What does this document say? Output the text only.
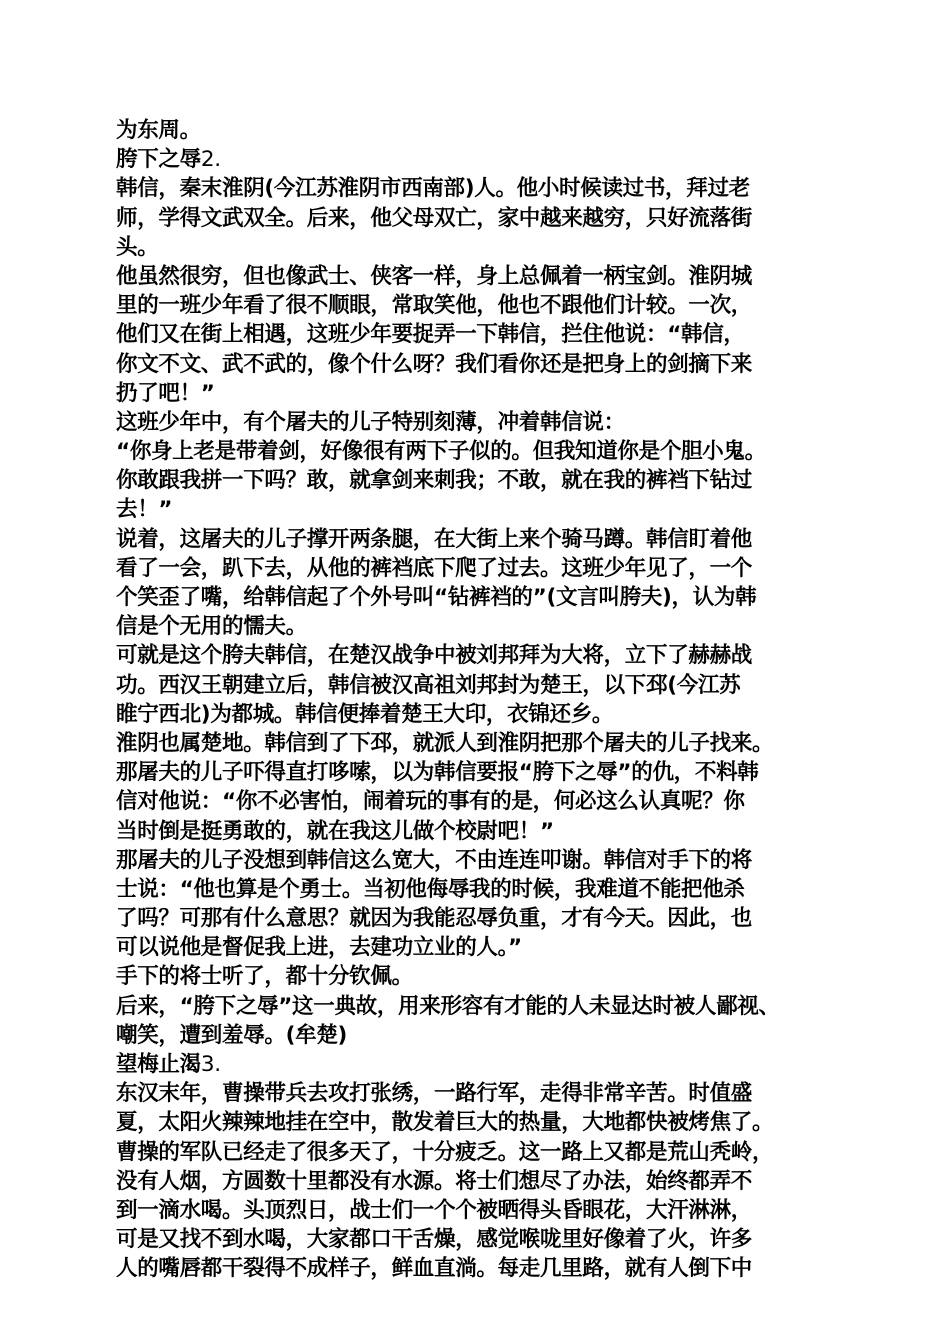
为东周。
胯下之辱2.
韩信，秦末淮阴(今江苏淮阴市西南部)人。他小时候读过书，拜过老
师，学得文武双全。后来，他父母双亡，家中越来越穷，只好流落街
头。
他虽然很穷，但也像武士、侠客一样，身上总佩着一柄宝剑。淮阴城
里的一班少年看了很不顺眼，常取笑他，他也不跟他们计较。一次，
他们又在街上相遇，这班少年要捉弄一下韩信，拦住他说：“韩信，
你文不文、武不武的，像个什么呀？我们看你还是把身上的剑摘下来
扔了吧！”
这班少年中，有个屠夫的儿子特别刻薄，冲着韩信说：
“你身上老是带着剑，好像很有两下子似的。但我知道你是个胆小鬼。
你敢跟我拼一下吗？敢，就拿剑来刺我；不敢，就在我的裤裆下钻过
去！”
说着，这屠夫的儿子撑开两条腿，在大街上来个骑马蹲。韩信盯着他
看了一会，趴下去，从他的裤裆底下爬了过去。这班少年见了，一个
个笑歪了嘴，给韩信起了个外号叫“钻裤裆的”(文言叫胯夫)，认为韩
信是个无用的懦夫。
可就是这个胯夫韩信，在楚汉战争中被刘邦拜为大将，立下了赫赫战
功。西汉王朝建立后，韩信被汉高祖刘邦封为楚王，以下邳(今江苏
睢宁西北)为都城。韩信便捧着楚王大印，衣锦还乡。
淮阴也属楚地。韩信到了下邳，就派人到淮阴把那个屠夫的儿子找来。
那屠夫的儿子吓得直打哆嗦，以为韩信要报“胯下之辱”的仇，不料韩
信对他说：“你不必害怕，闹着玩的事有的是，何必这么认真呢？你
当时倒是挺勇敢的，就在我这儿做个校尉吧！”
那屠夫的儿子没想到韩信这么宽大，不由连连叩谢。韩信对手下的将
士说：“他也算是个勇士。当初他侮辱我的时候，我难道不能把他杀
了吗？可那有什么意思？就因为我能忍辱负重，才有今天。因此，也
可以说他是督促我上进，去建功立业的人。”
手下的将士听了，都十分钦佩。
后来，“胯下之辱”这一典故，用来形容有才能的人未显达时被人鄙视、
嘲笑，遭到羞辱。(牟楚)
望梅止渴3.
东汉末年，曹操带兵去攻打张绣，一路行军，走得非常辛苦。时值盛
夏，太阳火辣辣地挂在空中，散发着巨大的热量，大地都快被烤焦了。
曹操的军队已经走了很多天了，十分疲乏。这一路上又都是荒山秃岭，
没有人烟，方圆数十里都没有水源。将士们想尽了办法，始终都弄不
到一滴水喝。头顶烈日，战士们一个个被晒得头昏眼花，大汗淋淋，
可是又找不到水喝，大家都口干舌燥，感觉喉咙里好像着了火，许多
人的嘴唇都干裂得不成样子，鲜血直淌。每走几里路，就有人倒下中
